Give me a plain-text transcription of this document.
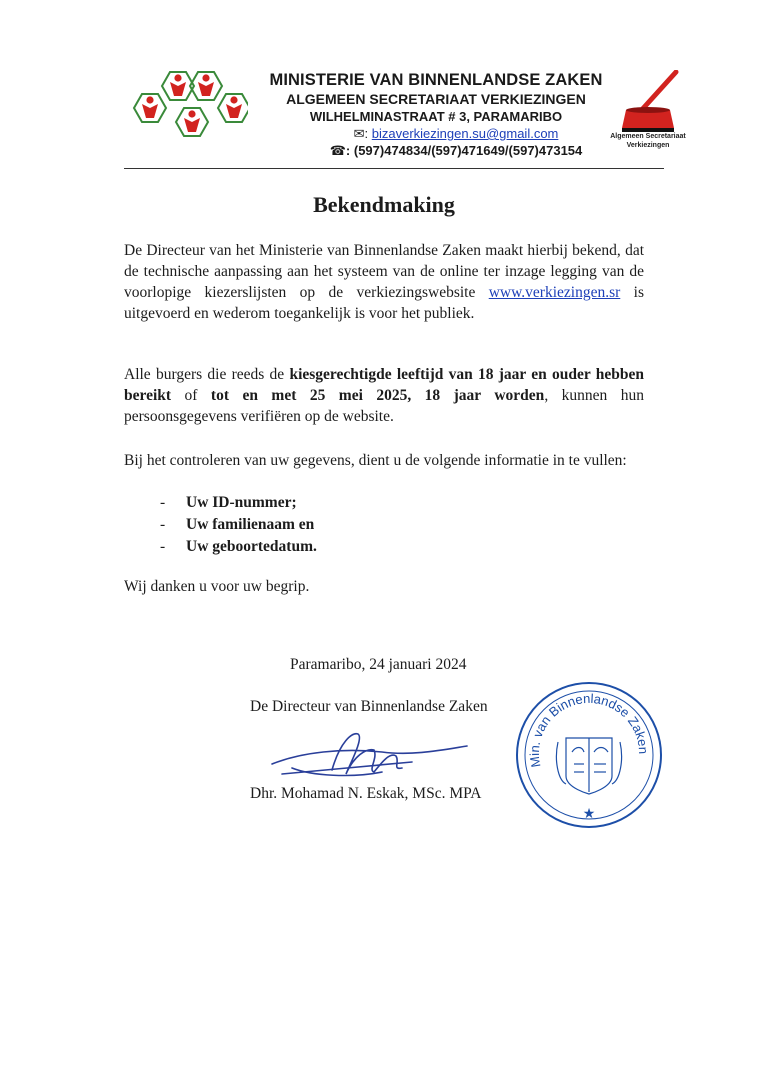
MINISTERIE VAN BINNENLANDSE ZAKEN
ALGEMEEN SECRETARIAAT VERKIEZINGEN
WILHELMINASTRAAT # 3, PARAMARIBO
✉: bizaverkiezingen.su@gmail.com
☎: (597)474834/(597)471649/(597)473154
Algemeen Secretariaat
Verkiezingen
Bekendmaking
De Directeur van het Ministerie van Binnenlandse Zaken maakt hierbij bekend, dat de technische aanpassing aan het systeem van de online ter inzage legging van de voorlopige kiezerslijsten op de verkiezingswebsite www.verkiezingen.sr is uitgevoerd en wederom toegankelijk is voor het publiek.
Alle burgers die reeds de kiesgerechtigde leeftijd van 18 jaar en ouder hebben bereikt of tot en met 25 mei 2025, 18 jaar worden, kunnen hun persoonsgegevens verifiëren op de website.
Bij het controleren van uw gegevens, dient u de volgende informatie in te vullen:
- Uw ID-nummer;
- Uw familienaam en
- Uw geboortedatum.
Wij danken u voor uw begrip.
Paramaribo, 24 januari 2024
De Directeur van Binnenlandse Zaken
Dhr. Mohamad N. Eskak, MSc. MPA
Min. van Binnenlandse Zaken
★
